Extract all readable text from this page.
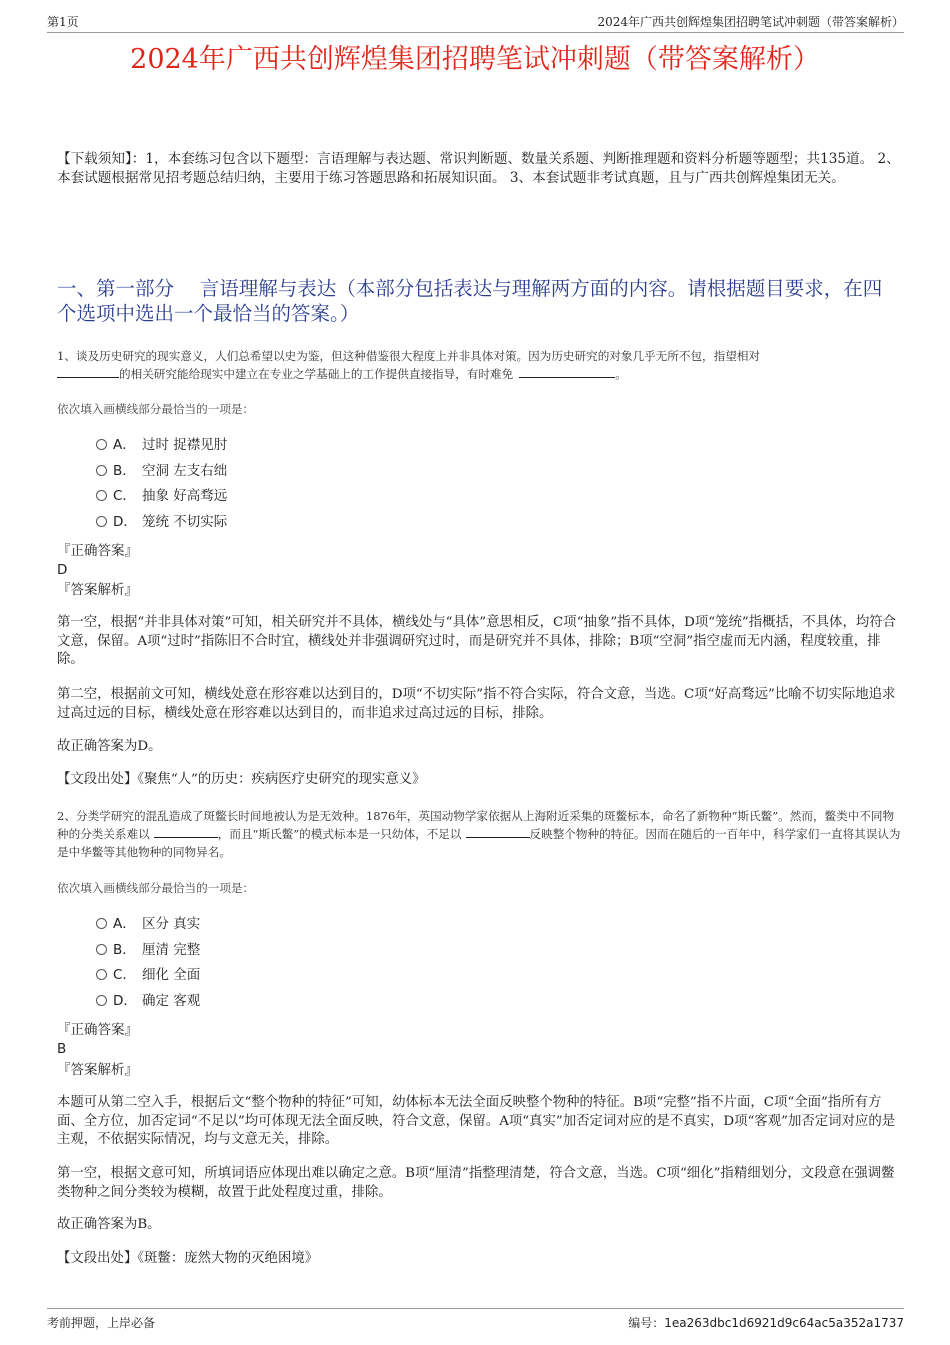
第1页	2024年广西共创辉煌集团招聘笔试冲刺题（带答案解析）
2024年广西共创辉煌集团招聘笔试冲刺题（带答案解析）
【下载须知】：1，本套练习包含以下题型：言语理解与表达题、常识判断题、数量关系题、判断推理题和资料分析题等题型；共135道。 2、本套试题根据常见招考题总结归纳，主要用于练习答题思路和拓展知识面。 3、本套试题非考试真题，且与广西共创辉煌集团无关。
一、第一部分　 言语理解与表达（本部分包括表达与理解两方面的内容。请根据题目要求，在四个选项中选出一个最恰当的答案。）
1、谈及历史研究的现实意义，人们总希望以史为鉴，但这种借鉴很大程度上并非具体对策。因为历史研究的对象几乎无所不包，指望相对
的相关研究能给现实中建立在专业之学基础上的工作提供直接指导，有时难免	。
依次填入画横线部分最恰当的一项是：
A． 过时 捉襟见肘
B． 空洞 左支右绌
C． 抽象 好高骛远
D． 笼统 不切实际
『正确答案』
D
『答案解析』
第一空，根据“并非具体对策”可知，相关研究并不具体，横线处与“具体”意思相反，C项“抽象”指不具体，D项“笼统”指概括，不具体，均符合文意，保留。A项“过时”指陈旧不合时宜，横线处并非强调研究过时，而是研究并不具体，排除；B项“空洞”指空虚而无内涵，程度较重，排除。
第二空，根据前文可知，横线处意在形容难以达到目的，D项“不切实际”指不符合实际，符合文意，当选。C项“好高骛远”比喻不切实际地追求过高过远的目标，横线处意在形容难以达到目的，而非追求过高过远的目标，排除。
故正确答案为D。
【文段出处】《聚焦“人”的历史：疾病医疗史研究的现实意义》
2、分类学研究的混乱造成了斑鳖长时间地被认为是无效种。1876年，英国动物学家依据从上海附近采集的斑鳖标本，命名了新物种“斯氏鳖”。然而，鳖类中不同物种的分类关系难以	，而且“斯氏鳖”的模式标本是一只幼体，不足以	反映整个物种的特征。因而在随后的一百年中，科学家们一直将其误认为是中华鳖等其他物种的同物异名。
依次填入画横线部分最恰当的一项是：
A． 区分 真实
B． 厘清 完整
C． 细化 全面
D． 确定 客观
『正确答案』
B
『答案解析』
本题可从第二空入手，根据后文“整个物种的特征”可知，幼体标本无法全面反映整个物种的特征。B项“完整”指不片面，C项“全面”指所有方面、全方位，加否定词“不足以”均可体现无法全面反映，符合文意，保留。A项“真实”加否定词对应的是不真实，D项“客观”加否定词对应的是主观，不依据实际情况，均与文意无关，排除。
第一空，根据文意可知，所填词语应体现出难以确定之意。B项“厘清”指整理清楚，符合文意，当选。C项“细化”指精细划分，文段意在强调鳖类物种之间分类较为模糊，故置于此处程度过重，排除。
故正确答案为B。
【文段出处】《斑鳖：庞然大物的灭绝困境》
考前押题，上岸必备	编号：1ea263dbc1d6921d9c64ac5a352a1737
